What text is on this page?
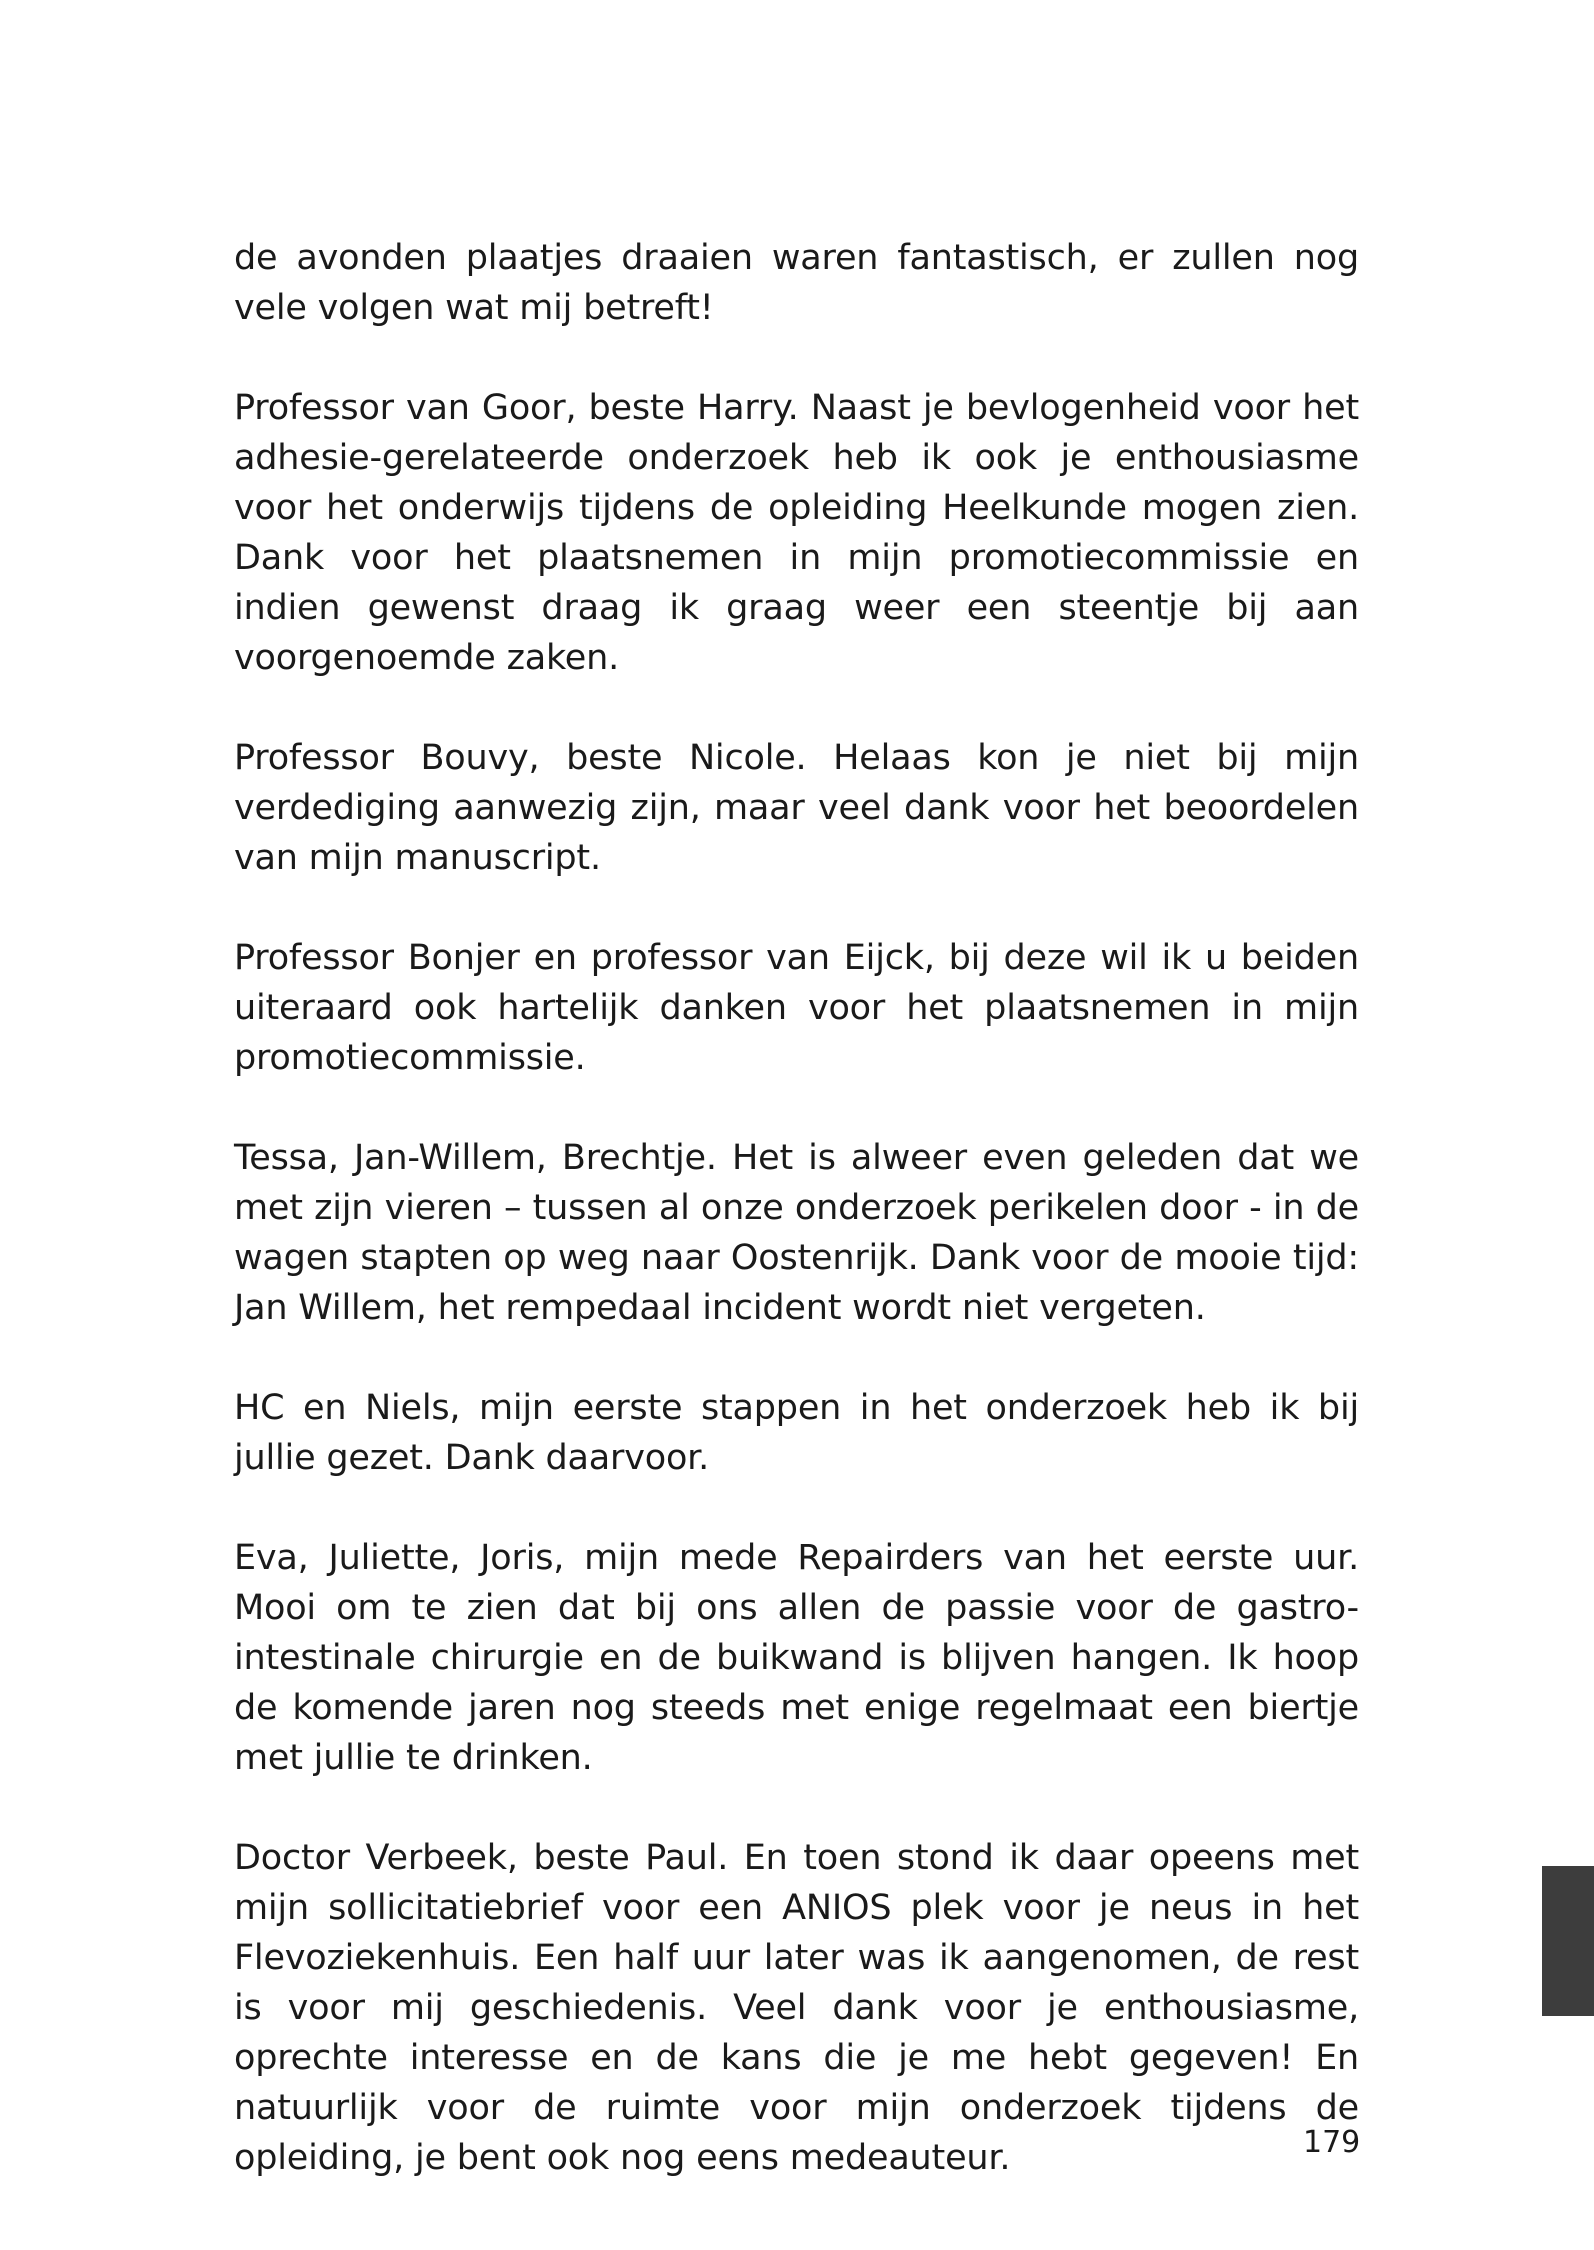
de avonden plaatjes draaien waren fantastisch, er zullen nog vele volgen wat mij betreft!

Professor van Goor, beste Harry. Naast je bevlogenheid voor het adhesie-gerelateerde onderzoek heb ik ook je enthousiasme voor het onderwijs tijdens de opleiding Heelkunde mogen zien. Dank voor het plaatsnemen in mijn promotiecommissie en indien gewenst draag ik graag weer een steentje bij aan voorgenoemde zaken.

Professor Bouvy, beste Nicole. Helaas kon je niet bij mijn verdediging aanwezig zijn, maar veel dank voor het beoordelen van mijn manuscript.

Professor Bonjer en professor van Eijck, bij deze wil ik u beiden uiteraard ook hartelijk danken voor het plaatsnemen in mijn promotiecommissie.

Tessa, Jan-Willem, Brechtje. Het is alweer even geleden dat we met zijn vieren – tussen al onze onderzoek perikelen door - in de wagen stapten op weg naar Oostenrijk. Dank voor de mooie tijd: Jan Willem, het rempedaal incident wordt niet vergeten.

HC en Niels, mijn eerste stappen in het onderzoek heb ik bij jullie gezet. Dank daarvoor.

Eva, Juliette, Joris, mijn mede Repairders van het eerste uur. Mooi om te zien dat bij ons allen de passie voor de gastro-intestinale chirurgie en de buikwand is blijven hangen. Ik hoop de komende jaren nog steeds met enige regelmaat een biertje met jullie te drinken.

Doctor Verbeek, beste Paul. En toen stond ik daar opeens met mijn sollicitatiebrief voor een ANIOS plek voor je neus in het Flevoziekenhuis. Een half uur later was ik aangenomen, de rest is voor mij geschiedenis. Veel dank voor je enthousiasme, oprechte interesse en de kans die je me hebt gegeven! En natuurlijk voor de ruimte voor mijn onderzoek tijdens de opleiding, je bent ook nog eens medeauteur.	179
